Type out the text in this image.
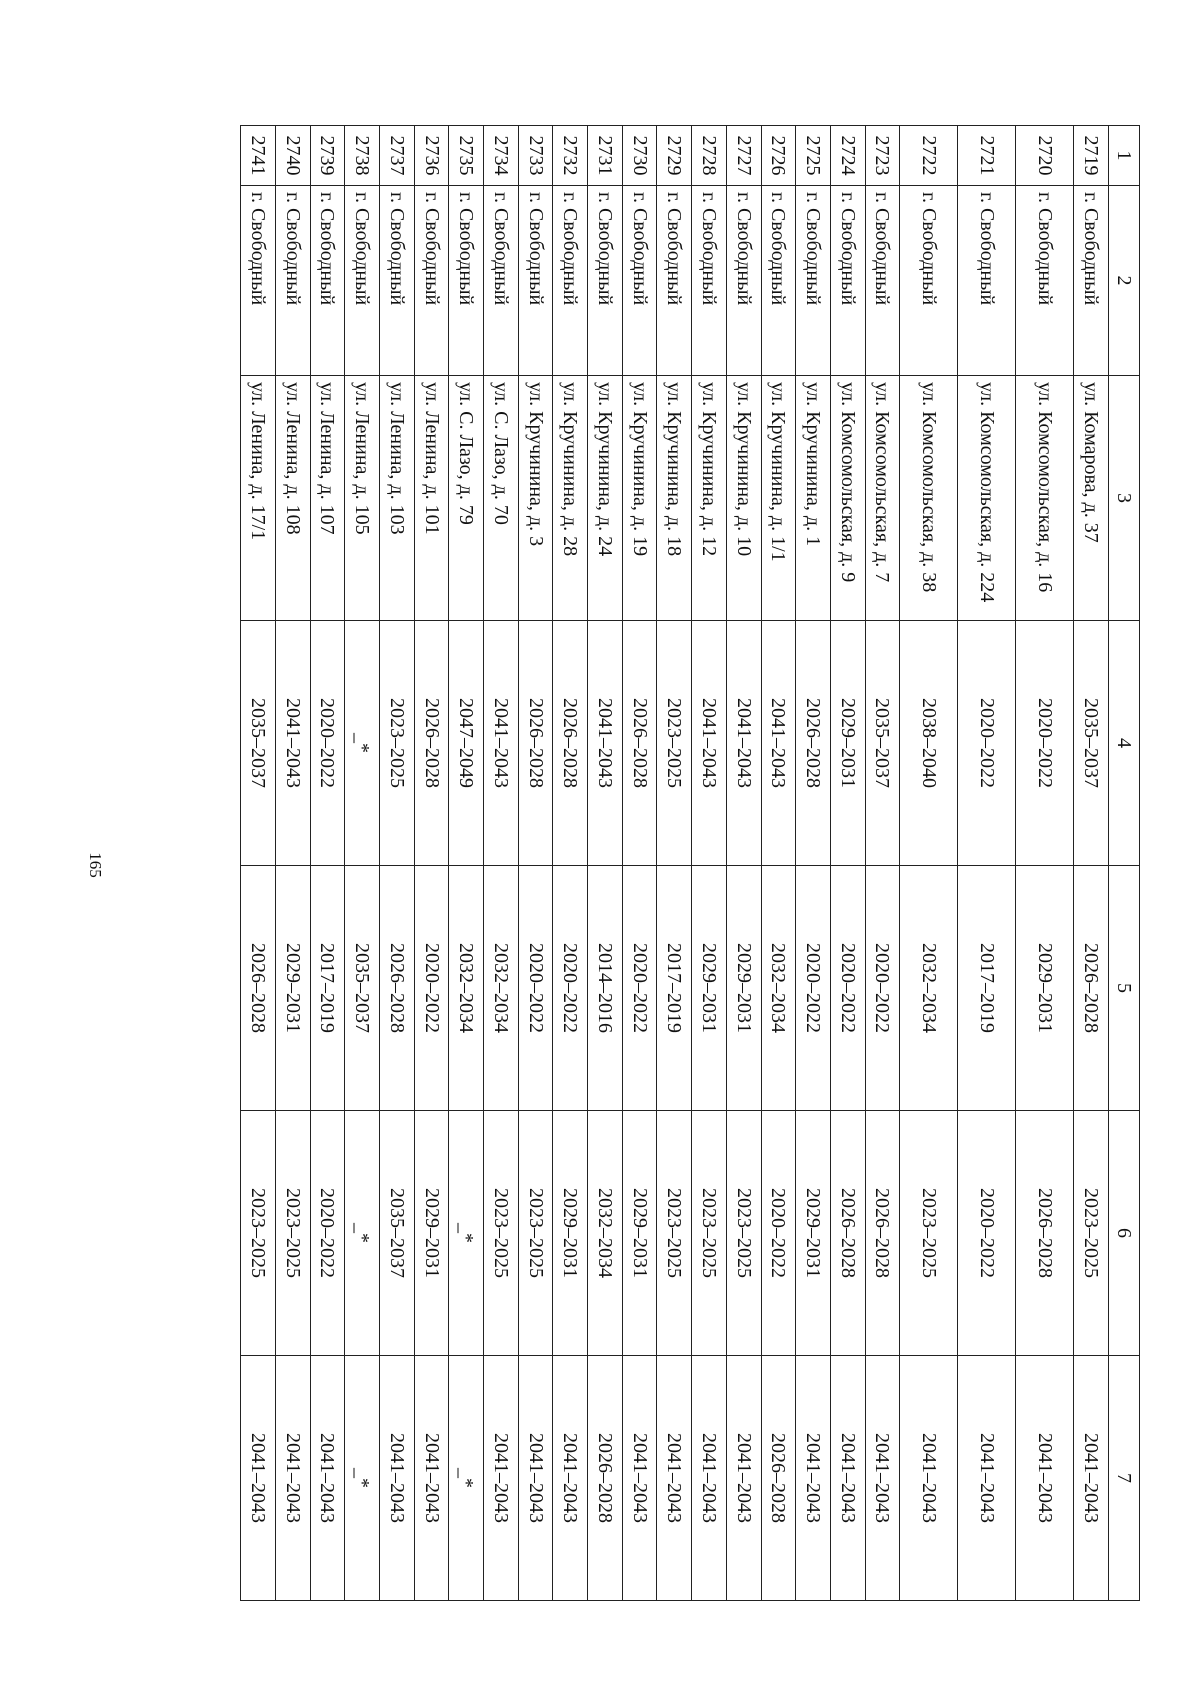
165
1	2	3	4	5	6	7
2719	г. Свободный	ул. Комарова, д. 37	2035–2037	2026–2028	2023–2025	2041–2043
2720	г. Свободный	ул. Комсомольская, д. 16	2020–2022	2029–2031	2026–2028	2041–2043
2721	г. Свободный	ул. Комсомольская, д. 224	2020–2022	2017–2019	2020–2022	2041–2043
2722	г. Свободный	ул. Комсомольская, д. 38	2038–2040	2032–2034	2023–2025	2041–2043
2723	г. Свободный	ул. Комсомольская, д. 7	2035–2037	2020–2022	2026–2028	2041–2043
2724	г. Свободный	ул. Комсомольская, д. 9	2029–2031	2020–2022	2026–2028	2041–2043
2725	г. Свободный	ул. Кручинина, д. 1	2026–2028	2020–2022	2029–2031	2041–2043
2726	г. Свободный	ул. Кручинина, д. 1/1	2041–2043	2032–2034	2020–2022	2026–2028
2727	г. Свободный	ул. Кручинина, д. 10	2041–2043	2029–2031	2023–2025	2041–2043
2728	г. Свободный	ул. Кручинина, д. 12	2041–2043	2029–2031	2023–2025	2041–2043
2729	г. Свободный	ул. Кручинина, д. 18	2023–2025	2017–2019	2023–2025	2041–2043
2730	г. Свободный	ул. Кручинина, д. 19	2026–2028	2020–2022	2029–2031	2041–2043
2731	г. Свободный	ул. Кручинина, д. 24	2041–2043	2014–2016	2032–2034	2026–2028
2732	г. Свободный	ул. Кручинина, д. 28	2026–2028	2020–2022	2029–2031	2041–2043
2733	г. Свободный	ул. Кручинина, д. 3	2026–2028	2020–2022	2023–2025	2041–2043
2734	г. Свободный	ул. С. Лазо, д. 70	2041–2043	2032–2034	2023–2025	2041–2043
2735	г. Свободный	ул. С. Лазо, д. 79	2047–2049	2032–2034	_*	_*
2736	г. Свободный	ул. Ленина, д. 101	2026–2028	2020–2022	2029–2031	2041–2043
2737	г. Свободный	ул. Ленина, д. 103	2023–2025	2026–2028	2035–2037	2041–2043
2738	г. Свободный	ул. Ленина, д. 105	_*	2035–2037	_*	_*
2739	г. Свободный	ул. Ленина, д. 107	2020–2022	2017–2019	2020–2022	2041–2043
2740	г. Свободный	ул. Ленина, д. 108	2041–2043	2029–2031	2023–2025	2041–2043
2741	г. Свободный	ул. Ленина, д. 17/1	2035–2037	2026–2028	2023–2025	2041–2043
